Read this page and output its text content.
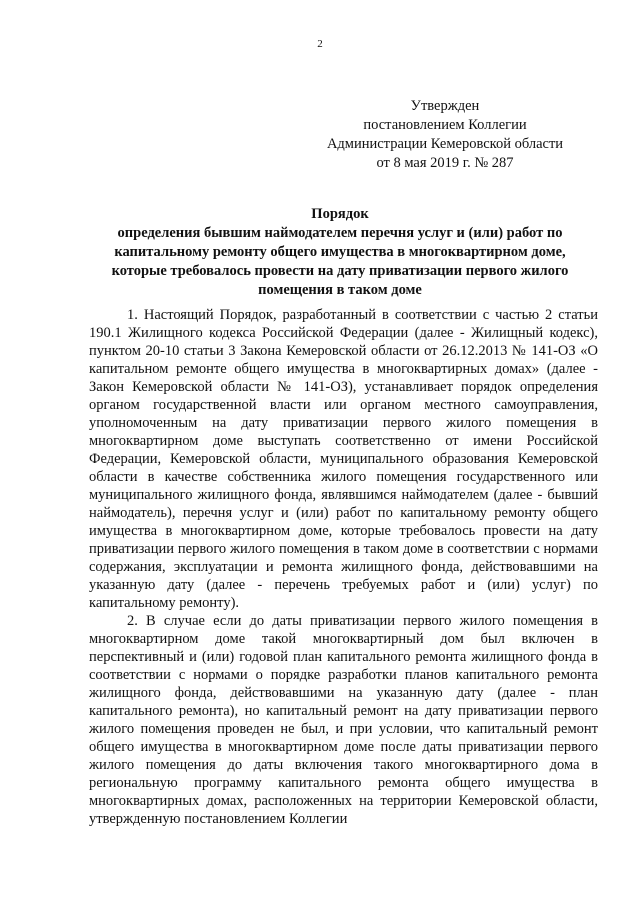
2
Утвержден
постановлением Коллегии
Администрации Кемеровской области
от 8 мая 2019 г. № 287
Порядок
определения бывшим наймодателем перечня услуг и (или) работ по
капитальному ремонту общего имущества в многоквартирном доме,
которые требовалось провести на дату приватизации первого жилого
помещения в таком доме

1. Настоящий Порядок, разработанный в соответствии с частью 2 статьи 190.1 Жилищного кодекса Российской Федерации (далее - Жилищный кодекс), пунктом 20-10 статьи 3 Закона Кемеровской области от 26.12.2013 № 141-ОЗ «О капитальном ремонте общего имущества в многоквартирных домах» (далее - Закон Кемеровской области № 141-ОЗ), устанавливает порядок определения органом государственной власти или органом местного самоуправления, уполномоченным на дату приватизации первого жилого помещения в многоквартирном доме выступать соответственно от имени Российской Федерации, Кемеровской области, муниципального образования Кемеровской области в качестве собственника жилого помещения государственного или муниципального жилищного фонда, являвшимся наймодателем (далее - бывший наймодатель), перечня услуг и (или) работ по капитальному ремонту общего имущества в многоквартирном доме, которые требовалось провести на дату приватизации первого жилого помещения в таком доме в соответствии с нормами содержания, эксплуатации и ремонта жилищного фонда, действовавшими на указанную дату (далее - перечень требуемых работ и (или) услуг) по капитальному ремонту).

2. В случае если до даты приватизации первого жилого помещения в многоквартирном доме такой многоквартирный дом был включен в перспективный и (или) годовой план капитального ремонта жилищного фонда в соответствии с нормами о порядке разработки планов капитального ремонта жилищного фонда, действовавшими на указанную дату (далее - план капитального ремонта), но капитальный ремонт на дату приватизации первого жилого помещения проведен не был, и при условии, что капитальный ремонт общего имущества в многоквартирном доме после даты приватизации первого жилого помещения до даты включения такого многоквартирного дома в региональную программу капитального ремонта общего имущества в многоквартирных домах, расположенных на территории Кемеровской области, утвержденную постановлением Коллегии
